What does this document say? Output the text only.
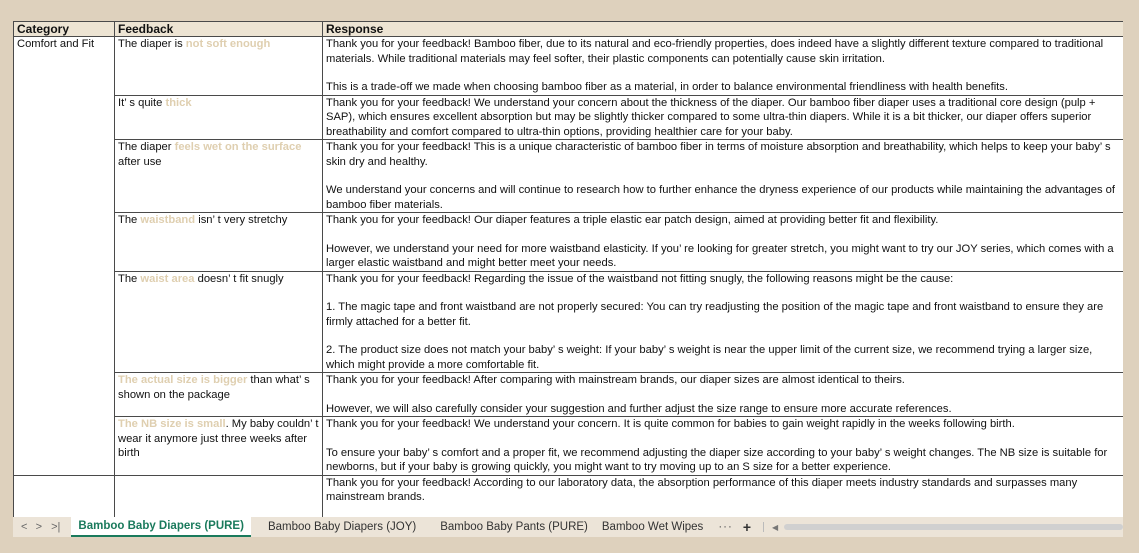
Category	Feedback	Response
Comfort and Fit	The diaper is not soft enough	Thank you for your feedback! Bamboo fiber, due to its natural and eco-friendly properties, does indeed have a slightly different texture compared to traditional materials. While traditional materials may feel softer, their plastic components can potentially cause skin irritation.
This is a trade-off we made when choosing bamboo fiber as a material, in order to balance environmental friendliness with health benefits.

	It’ s quite thick	Thank you for your feedback! We understand your concern about the thickness of the diaper. Our bamboo fiber diaper uses a traditional core design (pulp + SAP), which ensures excellent absorption but may be slightly thicker compared to some ultra-thin diapers. While it is a bit thicker, our diaper offers superior breathability and comfort compared to ultra-thin options, providing healthier care for your baby.

	The diaper feels wet on the surface after use	Thank you for your feedback! This is a unique characteristic of bamboo fiber in terms of moisture absorption and breathability, which helps to keep your baby’ s skin dry and healthy.
We understand your concerns and will continue to research how to further enhance the dryness experience of our products while maintaining the advantages of bamboo fiber materials.

	The waistband isn’ t very stretchy	Thank you for your feedback! Our diaper features a triple elastic ear patch design, aimed at providing better fit and flexibility.
However, we understand your need for more waistband elasticity. If you’ re looking for greater stretch, you might want to try our JOY series, which comes with a larger elastic waistband and might better meet your needs.

	The waist area doesn’ t fit snugly	Thank you for your feedback! Regarding the issue of the waistband not fitting snugly, the following reasons might be the cause:
1. The magic tape and front waistband are not properly secured: You can try readjusting the position of the magic tape and front waistband to ensure they are firmly attached for a better fit.
2. The product size does not match your baby’ s weight: If your baby’ s weight is near the upper limit of the current size, we recommend trying a larger size, which might provide a more comfortable fit.

	The actual size is bigger than what’ s shown on the package	Thank you for your feedback! After comparing with mainstream brands, our diaper sizes are almost identical to theirs.
However, we will also carefully consider your suggestion and further adjust the size range to ensure more accurate references.

	The NB size is small. My baby couldn’ t wear it anymore just three weeks after birth	Thank you for your feedback! We understand your concern. It is quite common for babies to gain weight rapidly in the weeks following birth.
To ensure your baby’ s comfort and a proper fit, we recommend adjusting the diaper size according to your baby’ s weight changes. The NB size is suitable for newborns, but if your baby is growing quickly, you might want to try moving up to an S size for a better experience.

		Thank you for your feedback! According to our laboratory data, the absorption performance of this diaper meets industry standards and surpasses many mainstream brands.
< > >|	Bamboo Baby Diapers (PURE)	Bamboo Baby Diapers (JOY)	Bamboo Baby Pants (PURE)	Bamboo Wet Wipes	··· +	◀
